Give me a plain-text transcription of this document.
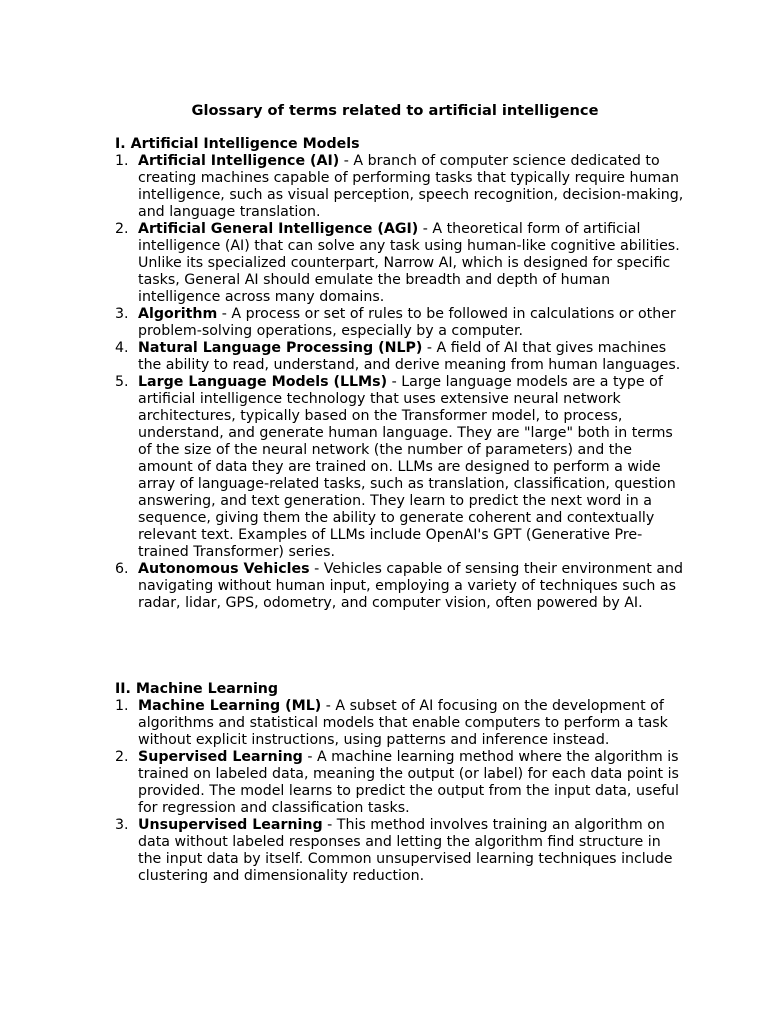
Glossary of terms related to artificial intelligence
I. Artificial Intelligence Models
1. Artificial Intelligence (AI) - A branch of computer science dedicated to creating machines capable of performing tasks that typically require human intelligence, such as visual perception, speech recognition, decision-making, and language translation.
2. Artificial General Intelligence (AGI) - A theoretical form of artificial intelligence (AI) that can solve any task using human-like cognitive abilities. Unlike its specialized counterpart, Narrow AI, which is designed for specific tasks, General AI should emulate the breadth and depth of human intelligence across many domains.
3. Algorithm - A process or set of rules to be followed in calculations or other problem-solving operations, especially by a computer.
4. Natural Language Processing (NLP) - A field of AI that gives machines the ability to read, understand, and derive meaning from human languages.
5. Large Language Models (LLMs) - Large language models are a type of artificial intelligence technology that uses extensive neural network architectures, typically based on the Transformer model, to process, understand, and generate human language. They are "large" both in terms of the size of the neural network (the number of parameters) and the amount of data they are trained on. LLMs are designed to perform a wide array of language-related tasks, such as translation, classification, question answering, and text generation. They learn to predict the next word in a sequence, giving them the ability to generate coherent and contextually relevant text. Examples of LLMs include OpenAI's GPT (Generative Pre-trained Transformer) series.
6. Autonomous Vehicles - Vehicles capable of sensing their environment and navigating without human input, employing a variety of techniques such as radar, lidar, GPS, odometry, and computer vision, often powered by AI.
II. Machine Learning
1. Machine Learning (ML) - A subset of AI focusing on the development of algorithms and statistical models that enable computers to perform a task without explicit instructions, using patterns and inference instead.
2. Supervised Learning - A machine learning method where the algorithm is trained on labeled data, meaning the output (or label) for each data point is provided. The model learns to predict the output from the input data, useful for regression and classification tasks.
3. Unsupervised Learning - This method involves training an algorithm on data without labeled responses and letting the algorithm find structure in the input data by itself. Common unsupervised learning techniques include clustering and dimensionality reduction.
